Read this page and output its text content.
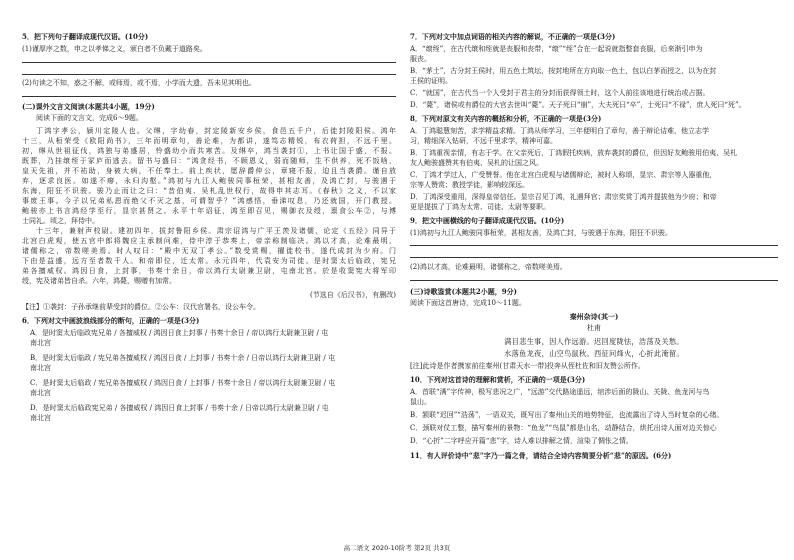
5．把下列句子翻译成现代汉语。(10分)
(1)谨厚序之数，申之以孝悌之义，颁白者不负戴于道路矣。
(2)句读之不知，惑之不解，或师焉，或不焉，小学而大遗，吾未见其明也。
(二)课外文言文阅读(本题共4小题，19分)
阅读下面的文言文，完成6～9题。
丁鸿字孝公，颍川定陵人也。父𬘭，字幼春，封定陵新安乡侯，食邑五千户，后徙封陵阳侯。鸿年
十三，从桓荣受《欧阳尚书》，三年而明章句，善论难，为都讲，遂笃志精锐，布衣荷担，不远千里。
初，𬘭从世祖征伐，鸿独与弟盛居，怜盛幼小而共寒苦。及𬘭卒，鸿当袭封①，上书让国于盛，不报。
既葬，乃挂缞绖于冢庐而逃去。留书与盛曰：“鸿贪经书，不顾恩义，弱而随师，生不供养，死不饭啥，
皇天先祖，并不祐助，身被大病，不任奉土。前上疾状，愿辞爵仲公，章寝不报，迫且当袭爵。谨自放
弃，逐求良医。如遂不瘳，永归沟壑。”鸿初与九江人鲍骏同事桓荣，甚相友善，及鸿亡封，与骏遇于
东海，阳狂不识骏。骏乃止而让之曰：“昔伯夷、吴札乱世权行，故得申其志耳。《春秋》之义，不以家
事废王事。今子以兄弟私恩而绝父不灭之基，可谓智乎？”鸿感悟，垂涕叹息，乃还就国，开门教授。
鲍骏亦上书言鸿经学至行，显宗甚贤之。永平十年诏征，鸿至即召见，赐御衣及绶，禀食公车②，与博
士同礼。顷之，拜侍中。
十三年，兼射声校尉。建初四年，拔封鲁阳乡侯。肃宗诏鸿与广平王羡及诸儒，论定《五经》同异于
北宫白虎观，使五官中郎将魏应主承制问难，侍中淳于恭奏上，帝亲称制临决。鸿以才高，论难最明，
诸儒称之，帝数嗟美焉。时人叹曰：“殿中无双丁孝公。”数受赏赐，擢徙校书，遂代成封为少府。门
下由是益盛，远方至者数千人。和帝即位，迁太常。永元四年，代袁安为司徒。是时窦太后临政，宪兄
弟各擅威权。鸿因日食，上封事，书奏十余日，帝以鸿行太尉兼卫尉，屯南北宫。於是收窦宪大将军印
绶，宪及诸弟皆自杀。六年，鸿薨，赐赠有加常。
(节选自《后汉书》，有删改)
【注】①袭封：子孙承继前辈受封的爵位。②公车：汉代官署名，设公车令。
6．下列对文中画波浪线部分的断句，正确的一项是(3分)
A．是时窦太后临政宪兄弟 / 各擅威权 / 鸿因日食上封事 / 书奏十余日 / 帝以鸿行太尉兼卫尉 / 屯
南北宫
B．是时窦太后临政 / 宪兄弟各擅威权 / 鸿因日食 / 上封事 / 书奏十余 / 日帝以鸿行太尉兼卫尉 / 屯
南北宫
C．是时窦太后临政 / 宪兄弟各擅威权 / 鸿因日食 / 上封事 / 书奏十余日 / 帝以鸿行太尉兼卫尉 / 屯
南北宫
D．是时窦太后临政宪兄弟 / 各擅威权 / 鸿因日食上封事 / 书奏十余 / 日帝以鸿行太尉兼卫尉 / 屯
南北宫
7．下列对文中加点词语的相关内容的解说，不正确的一项是(3分)
A．“缞绖”，在古代缞和绖就是丧服和丧带，“缞”“绖”合在一起说就指整套丧服，后来渐引申为
服丧。
B．“茅土”，古分封王侯时，用五色土筑坛，按封地所在方向取一色土，包以白茅而授之，以为在封
王侯的证明。
C．“就国”，在古代当一个人受封于君主的分封而获得领土时，这个人前往该地进行统治或占据。
D．“薨”，诸侯或有爵位的大官去世叫“薨”。天子死曰“崩”，大夫死曰“卒”，士死曰“不禄”，庶人死曰“死”。
8．下列对原文有关内容的概括和分析，不正确的一项是(3分)
A．丁鸿聪慧刻苦，求学精益求精。丁鸿从师学习，三年便明白了章句，善于辩论诘难，他立志学
习，精细深入钻研，不远千里求学，精神可嘉。
B．丁鸿重视亲情，有志于学。在父亲死后，丁鸿假托疾病，放弃袭封的爵位，但因好友鲍骏用伯夷、吴札
友人鲍骏盛赞其有伯夷、吴札的让国之风。
C．丁鸿才学过人，广受赞誉。他在北宫白虎观与诸儒辩论，被时人称颂，显宗、肃宗等人器重他，
宗等人赞赏；教授学徒，影响较深远。
D．丁鸿深受重用，深得皇帝信任。显宗召见丁鸿，礼遇拜官；肃宗奖赏丁鸿并提拔他为少府；和帝
更是提拔了丁鸿为太常、司徒、太尉等要职。
9．把文中画横线的句子翻译成现代汉语。(10分)
(1)鸿初与九江人鲍骏同事桓荣，甚相友善，及鸿亡封，与骏遇于东海，阳狂不识骏。
(2)鸿以才高，论难最明，诸儒称之，帝数嗟美焉。
(三)诗歌鉴赏(本题共2小题，9分)
阅读下面这首唐诗，完成10～11题。
秦州杂诗(其一)
杜甫
满目悲生事，因人作远游。迟回度陇怯，浩荡及关愁。
水落鱼龙夜，山空鸟鼠秋。西征问烽火，心折此淹留。
[注]此诗是作者携家前往秦州(甘肃天水一带)投奔从侄杜佐和旧友赞公所作。
10．下列对这首诗的理解和赏析，不正确的一项是(3分)
A．首联“满”字传神，极写悲况之广，“远游”交代路途遥远，绾涉后面的陇山、关陇、鱼龙河与鸟
鼠山。
B．颔联“迟回”“浩荡”，一语双关，既写出了秦州山关的地势特征，也流露出了诗人当时复杂的心绪。
C．颈联对仗工整，描写秦州的景物：“鱼龙”“鸟鼠”都是山名，动静结合，烘托出诗人面对边关惊心
D．“心折”二字呼应开篇“悲”字，诗人难以排解之情，渲染了惆怅之情。
11．有人评价诗中“悲”字乃一篇之骨，请结合全诗内容简要分析“悲”的原因。(6分)
高二语文 2020-10阶考 第2页 共3页
